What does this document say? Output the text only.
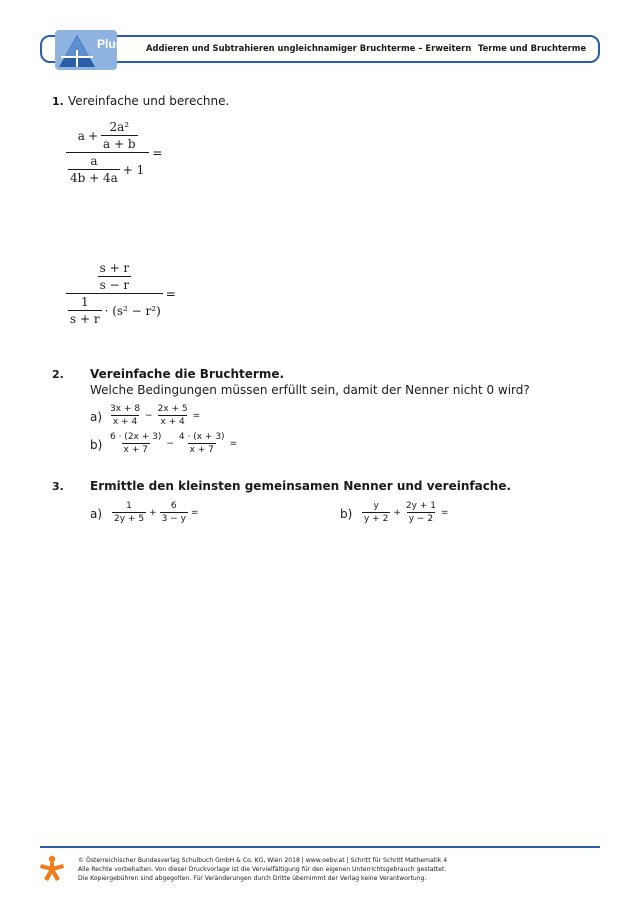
Plus	Addieren und Subtrahieren ungleichnamiger Bruchterme – Erweitern Terme und Bruchterme
1. Vereinfache und berechne.
$a + \frac{\text{2a²}}{a + b}$
a
4b + 4a
+ 1 =
$\frac{s + r}{s - r}$
1
s + r
· (s² − r²) =
2. Vereinfache die Bruchterme.
Welche Bedingungen müssen erfüllt sein, damit der Nenner nicht 0 wird?
a)
3x + 8
x + 4
− $\frac{2x + 5}{x + 4}$ =
b)
6 · (2x + 3)
x + 7
− $\frac{4 \cdot (x + 3)}{x + 7}$ =
3. Ermittle den kleinsten gemeinsamen Nenner und vereinfache.
a)
1
2y + 5
+ $\frac{6}{3 - y}$ =	b)
y
y + 2
+ $\frac{2y + 1}{y - 2}$ =
© Österreichischer Bundesverlag Schulbuch GmbH & Co. KG, Wien 2018 | www.oebv.at | Schritt für Schritt Mathematik 4
Alle Rechte vorbehalten. Von dieser Druckvorlage ist die Vervielfältigung für den eigenen Unterrichtsgebrauch gestattet.
Die Kopiergebühren sind abgegolten. Für Veränderungen durch Dritte übernimmt der Verlag keine Verantwortung.
